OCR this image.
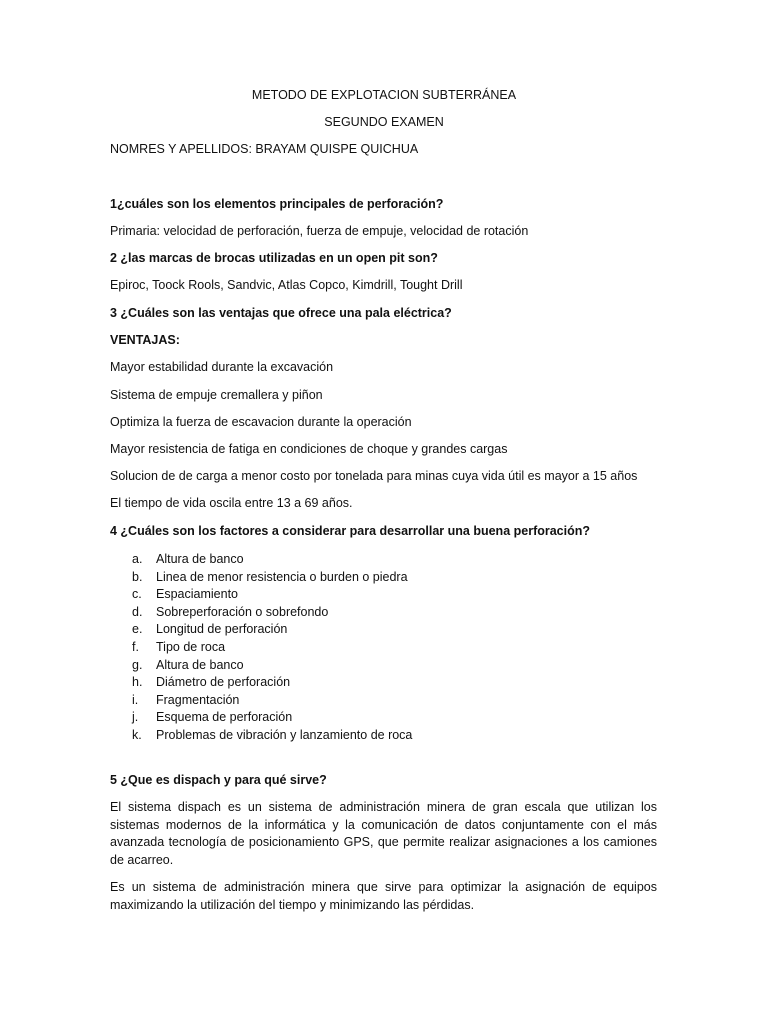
METODO DE EXPLOTACION SUBTERRÁNEA
SEGUNDO EXAMEN
NOMRES Y APELLIDOS: BRAYAM QUISPE QUICHUA
1¿cuáles son los elementos principales de perforación?
Primaria: velocidad de perforación, fuerza de empuje, velocidad de rotación
2 ¿las marcas de brocas utilizadas en un open pit son?
Epiroc, Toock Rools, Sandvic, Atlas Copco, Kimdrill, Tought Drill
3 ¿Cuáles son las ventajas que ofrece una pala eléctrica?
VENTAJAS:
Mayor estabilidad durante la excavación
Sistema de empuje cremallera y piñon
Optimiza la fuerza de escavacion durante la operación
Mayor resistencia de fatiga en condiciones de choque y grandes cargas
Solucion de de carga a menor costo por tonelada para minas cuya vida útil es mayor a 15 años
El tiempo de vida oscila entre 13 a 69 años.
4 ¿Cuáles son los factores a considerar para desarrollar una buena perforación?
a. Altura de banco
b. Linea de menor resistencia o burden o piedra
c. Espaciamiento
d. Sobreperforación o sobrefondo
e. Longitud de perforación
f. Tipo de roca
g. Altura de banco
h. Diámetro de perforación
i. Fragmentación
j. Esquema de perforación
k. Problemas de vibración y lanzamiento de roca
5 ¿Que es dispach y para qué sirve?
El sistema dispach es un sistema de administración minera de gran escala que utilizan los sistemas modernos de la informática y la comunicación de datos conjuntamente con el más avanzada tecnología de posicionamiento GPS, que permite realizar asignaciones a los camiones de acarreo.
Es un sistema de administración minera que sirve para optimizar la asignación de equipos maximizando la utilización del tiempo y minimizando las pérdidas.
